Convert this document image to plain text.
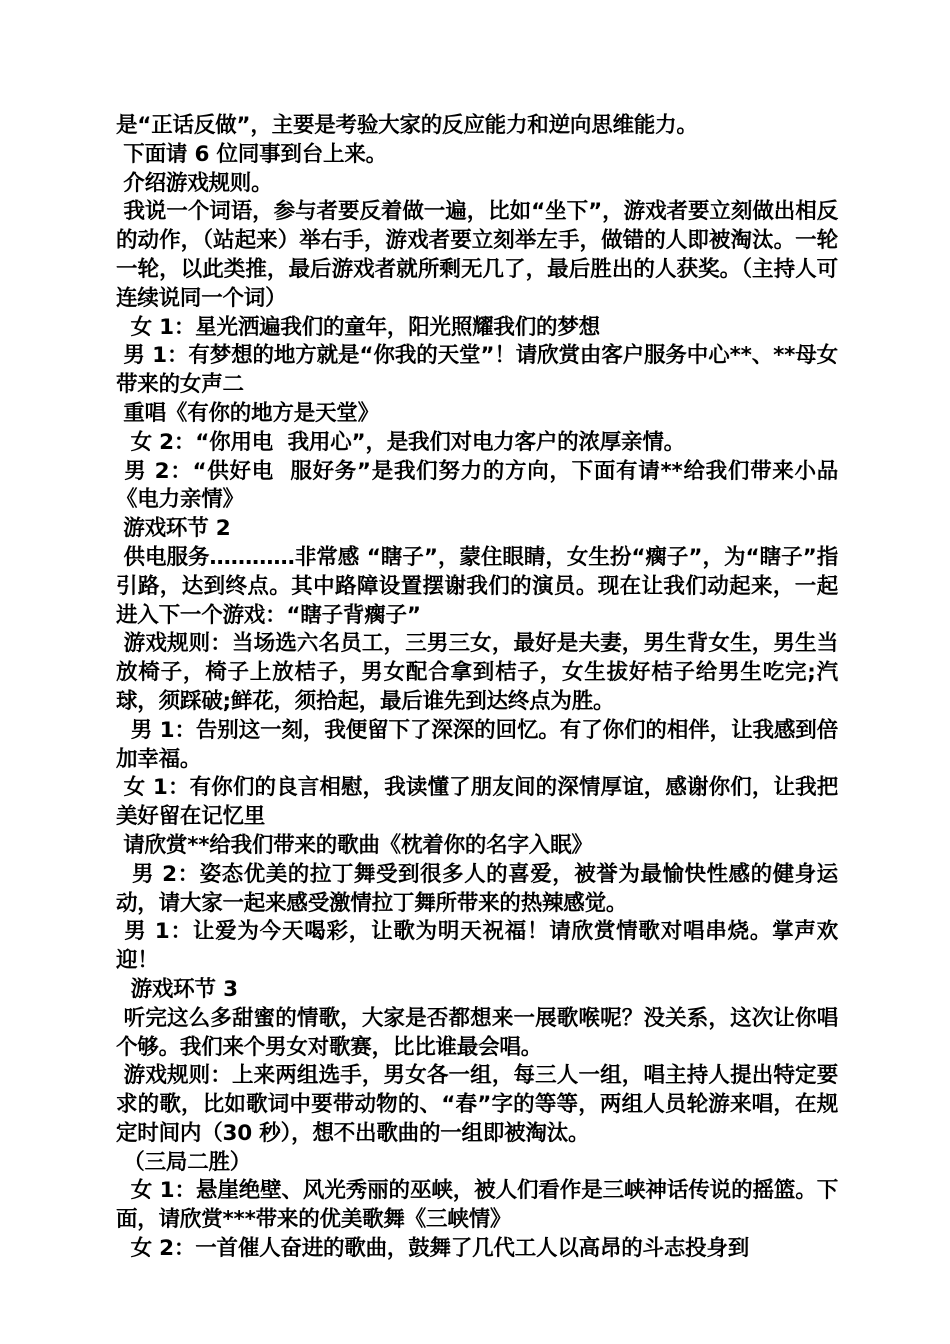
是“正话反做”，主要是考验大家的反应能力和逆向思维能力。

下面请 6 位同事到台上来。

介绍游戏规则。

我说一个词语，参与者要反着做一遍，比如“坐下”，游戏者要立刻做出相反的动作，（站起来）举右手，游戏者要立刻举左手，做错的人即被淘汰。一轮一轮，以此类推，最后游戏者就所剩无几了，最后胜出的人获奖。（主持人可连续说同一个词）

女 1：星光洒遍我们的童年，阳光照耀我们的梦想

男 1：有梦想的地方就是“你我的天堂”！请欣赏由客户服务中心**、**母女带来的女声二

重唱《有你的地方是天堂》

女 2：“你用电  我用心”，是我们对电力客户的浓厚亲情。

男 2：“供好电  服好务”是我们努力的方向，下面有请**给我们带来小品《电力亲情》

游戏环节 2

供电服务…………非常感 “瞎子”，蒙住眼睛，女生扮“瘸子”，为“瞎子”指引路，达到终点。其中路障设置摆谢我们的演员。现在让我们动起来，一起进入下一个游戏：“瞎子背瘸子”

游戏规则：当场选六名员工，三男三女，最好是夫妻，男生背女生，男生当放椅子，椅子上放桔子，男女配合拿到桔子，女生拔好桔子给男生吃完;汽球，须踩破;鲜花，须拾起，最后谁先到达终点为胜。

男 1：告别这一刻，我便留下了深深的回忆。有了你们的相伴，让我感到倍加幸福。

女 1：有你们的良言相慰，我读懂了朋友间的深情厚谊，感谢你们，让我把美好留在记忆里

请欣赏**给我们带来的歌曲《枕着你的名字入眠》

男 2：姿态优美的拉丁舞受到很多人的喜爱，被誉为最愉快性感的健身运动，请大家一起来感受激情拉丁舞所带来的热辣感觉。

男 1：让爱为今天喝彩，让歌为明天祝福！请欣赏情歌对唱串烧。掌声欢迎！

游戏环节 3

听完这么多甜蜜的情歌，大家是否都想来一展歌喉呢？没关系，这次让你唱个够。我们来个男女对歌赛，比比谁最会唱。

游戏规则：上来两组选手，男女各一组，每三人一组，唱主持人提出特定要求的歌，比如歌词中要带动物的、“春”字的等等，两组人员轮游来唱，在规定时间内（30 秒），想不出歌曲的一组即被淘汰。

（三局二胜）

女 1：悬崖绝壁、风光秀丽的巫峡，被人们看作是三峡神话传说的摇篮。下面，请欣赏***带来的优美歌舞《三峡情》

女 2：一首催人奋进的歌曲，鼓舞了几代工人以高昂的斗志投身到
